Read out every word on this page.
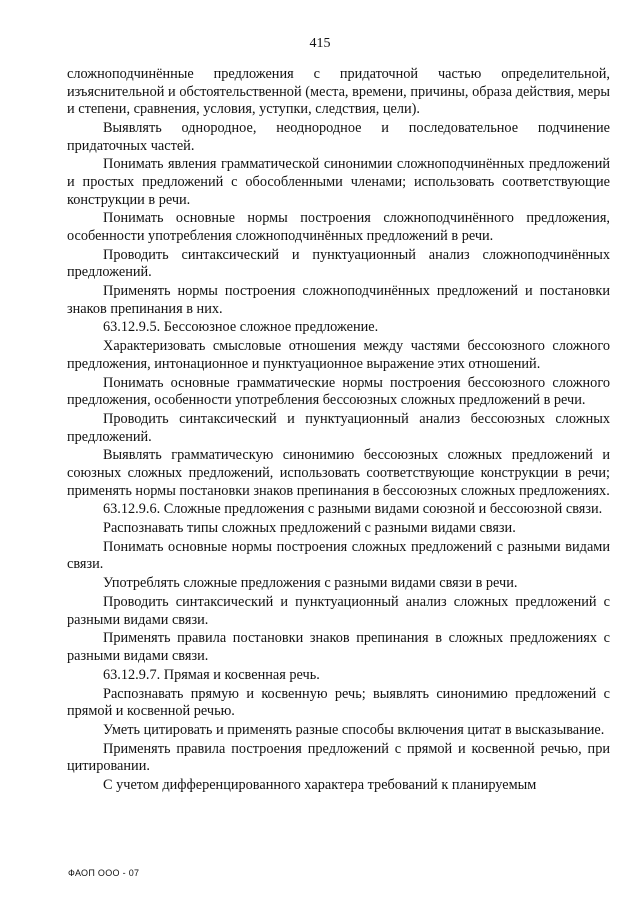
415

сложноподчинённые предложения с придаточной частью определительной, изъяснительной и обстоятельственной (места, времени, причины, образа действия, меры и степени, сравнения, условия, уступки, следствия, цели).

Выявлять однородное, неоднородное и последовательное подчинение придаточных частей.

Понимать явления грамматической синонимии сложноподчинённых предложений и простых предложений с обособленными членами; использовать соответствующие конструкции в речи.

Понимать основные нормы построения сложноподчинённого предложения, особенности употребления сложноподчинённых предложений в речи.

Проводить синтаксический и пунктуационный анализ сложноподчинённых предложений.

Применять нормы построения сложноподчинённых предложений и постановки знаков препинания в них.

63.12.9.5. Бессоюзное сложное предложение.

Характеризовать смысловые отношения между частями бессоюзного сложного предложения, интонационное и пунктуационное выражение этих отношений.

Понимать основные грамматические нормы построения бессоюзного сложного предложения, особенности употребления бессоюзных сложных предложений в речи.

Проводить синтаксический и пунктуационный анализ бессоюзных сложных предложений.

Выявлять грамматическую синонимию бессоюзных сложных предложений и союзных сложных предложений, использовать соответствующие конструкции в речи; применять нормы постановки знаков препинания в бессоюзных сложных предложениях.

63.12.9.6. Сложные предложения с разными видами союзной и бессоюзной связи.

Распознавать типы сложных предложений с разными видами связи.

Понимать основные нормы построения сложных предложений с разными видами связи.

Употреблять сложные предложения с разными видами связи в речи.

Проводить синтаксический и пунктуационный анализ сложных предложений с разными видами связи.

Применять правила постановки знаков препинания в сложных предложениях с разными видами связи.

63.12.9.7. Прямая и косвенная речь.

Распознавать прямую и косвенную речь; выявлять синонимию предложений с прямой и косвенной речью.

Уметь цитировать и применять разные способы включения цитат в высказывание.

Применять правила построения предложений с прямой и косвенной речью, при цитировании.

С учетом дифференцированного характера требований к планируемым

ФАОП ООО - 07
